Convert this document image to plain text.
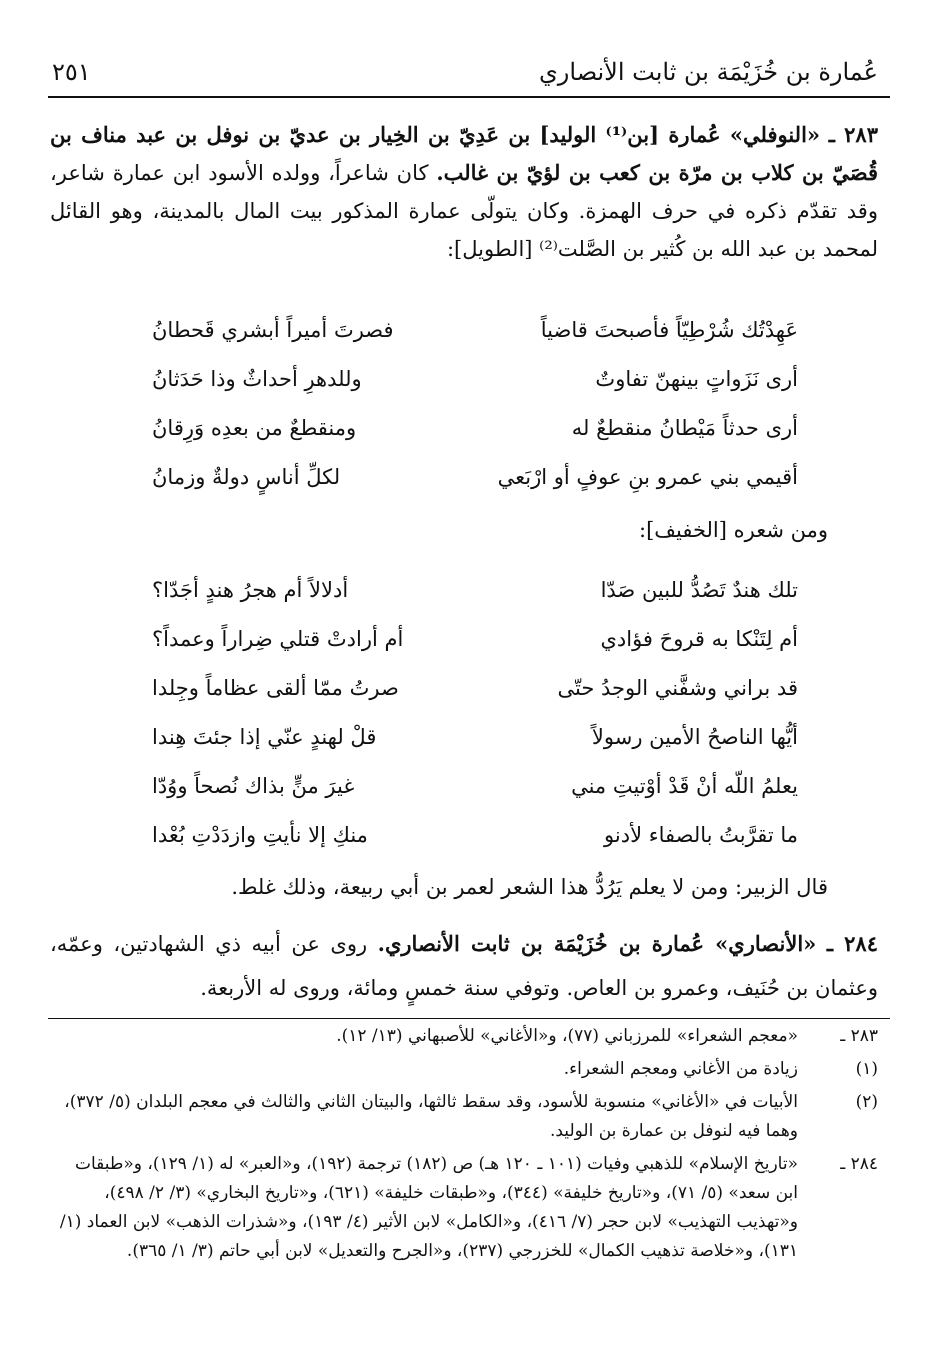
عُمارة بن خُزَيْمَة بن ثابت الأنصاري
٢٥١

٢٨٣ ـ «النوفلي» عُمارة [بن⁽¹⁾ الوليد] بن عَدِيّ بن الخِيار بن عديّ بن نوفل بن عبد مناف بن قُصَيّ بن كلاب بن مرّة بن كعب بن لؤيّ بن غالب. كان شاعراً، وولده الأسود ابن عمارة شاعر، وقد تقدّم ذكره في حرف الهمزة. وكان يتولّى عمارة المذكور بيت المال بالمدينة، وهو القائل لمحمد بن عبد الله بن كُثير بن الصَّلت⁽²⁾ [الطويل]:

عَهِدْتُك شُرْطِيّاً فأصبحتَ قاضياً
فصرتَ أميراً أبشري قَحطانُ
أرى نَزَواتٍ بينهنّ تفاوتٌ
وللدهرِ أحداثٌ وذا حَدَثانُ
أرى حدثاً مَيْطانُ منقطعٌ له
ومنقطعٌ من بعدِه وَرِقانُ
أقيمي بني عمرو بنِ عوفٍ أو ارْبَعي
لكلِّ أناسٍ دولةٌ وزمانُ
ومن شعره [الخفيف]:
تلك هندٌ تَصُدُّ للبين صَدّا
أدلالاً أم هجرُ هندٍ أجَدّا؟
أم لِتَنْكا به قروحَ فؤادي
أم أرادتْ قتلي ضِراراً وعمداً؟
قد براني وشفَّني الوجدُ حتّى
صرتُ ممّا ألقى عظاماً وجِلدا
أيُّها الناصحُ الأمين رسولاً
قلْ لهندٍ عنّي إذا جئتَ هِندا
يعلمُ اللّه أنْ قَدْ أوْتيتِ مني
غيرَ منٍّ بذاك نُصحاً ووُدّا
ما تقرَّبتُ بالصفاء لأدنو
منكِ إلا نأيتِ وازدَدْتِ بُعْدا
قال الزبير: ومن لا يعلم يَرُدُّ هذا الشعر لعمر بن أبي ربيعة، وذلك غلط.
٢٨٤ ـ «الأنصاري» عُمارة بن خُزَيْمَة بن ثابت الأنصاري. روى عن أبيه ذي الشهادتين، وعمّه، وعثمان بن حُنَيف، وعمرو بن العاص. وتوفي سنة خمسٍ ومائة، وروى له الأربعة.
٢٨٣ ـ
«معجم الشعراء» للمرزباني (٧٧)، و«الأغاني» للأصبهاني (١٣/ ١٢).
(١)
زيادة من الأغاني ومعجم الشعراء.
(٢)
الأبيات في «الأغاني» منسوبة للأسود، وقد سقط ثالثها، والبيتان الثاني والثالث في معجم البلدان (٥/ ٣٧٢)، وهما فيه لنوفل بن عمارة بن الوليد.
٢٨٤ ـ
«تاريخ الإسلام» للذهبي وفيات (١٠١ ـ ١٢٠ هـ) ص (١٨٢) ترجمة (١٩٢)، و«العبر» له (١/ ١٢٩)، و«طبقات ابن سعد» (٥/ ٧١)، و«تاريخ خليفة» (٣٤٤)، و«طبقات خليفة» (٦٢١)، و«تاريخ البخاري» (٣/ ٢/ ٤٩٨)، و«تهذيب التهذيب» لابن حجر (٧/ ٤١٦)، و«الكامل» لابن الأثير (٤/ ١٩٣)، و«شذرات الذهب» لابن العماد (١/ ١٣١)، و«خلاصة تذهيب الكمال» للخزرجي (٢٣٧)، و«الجرح والتعديل» لابن أبي حاتم (٣/ ١/ ٣٦٥).
